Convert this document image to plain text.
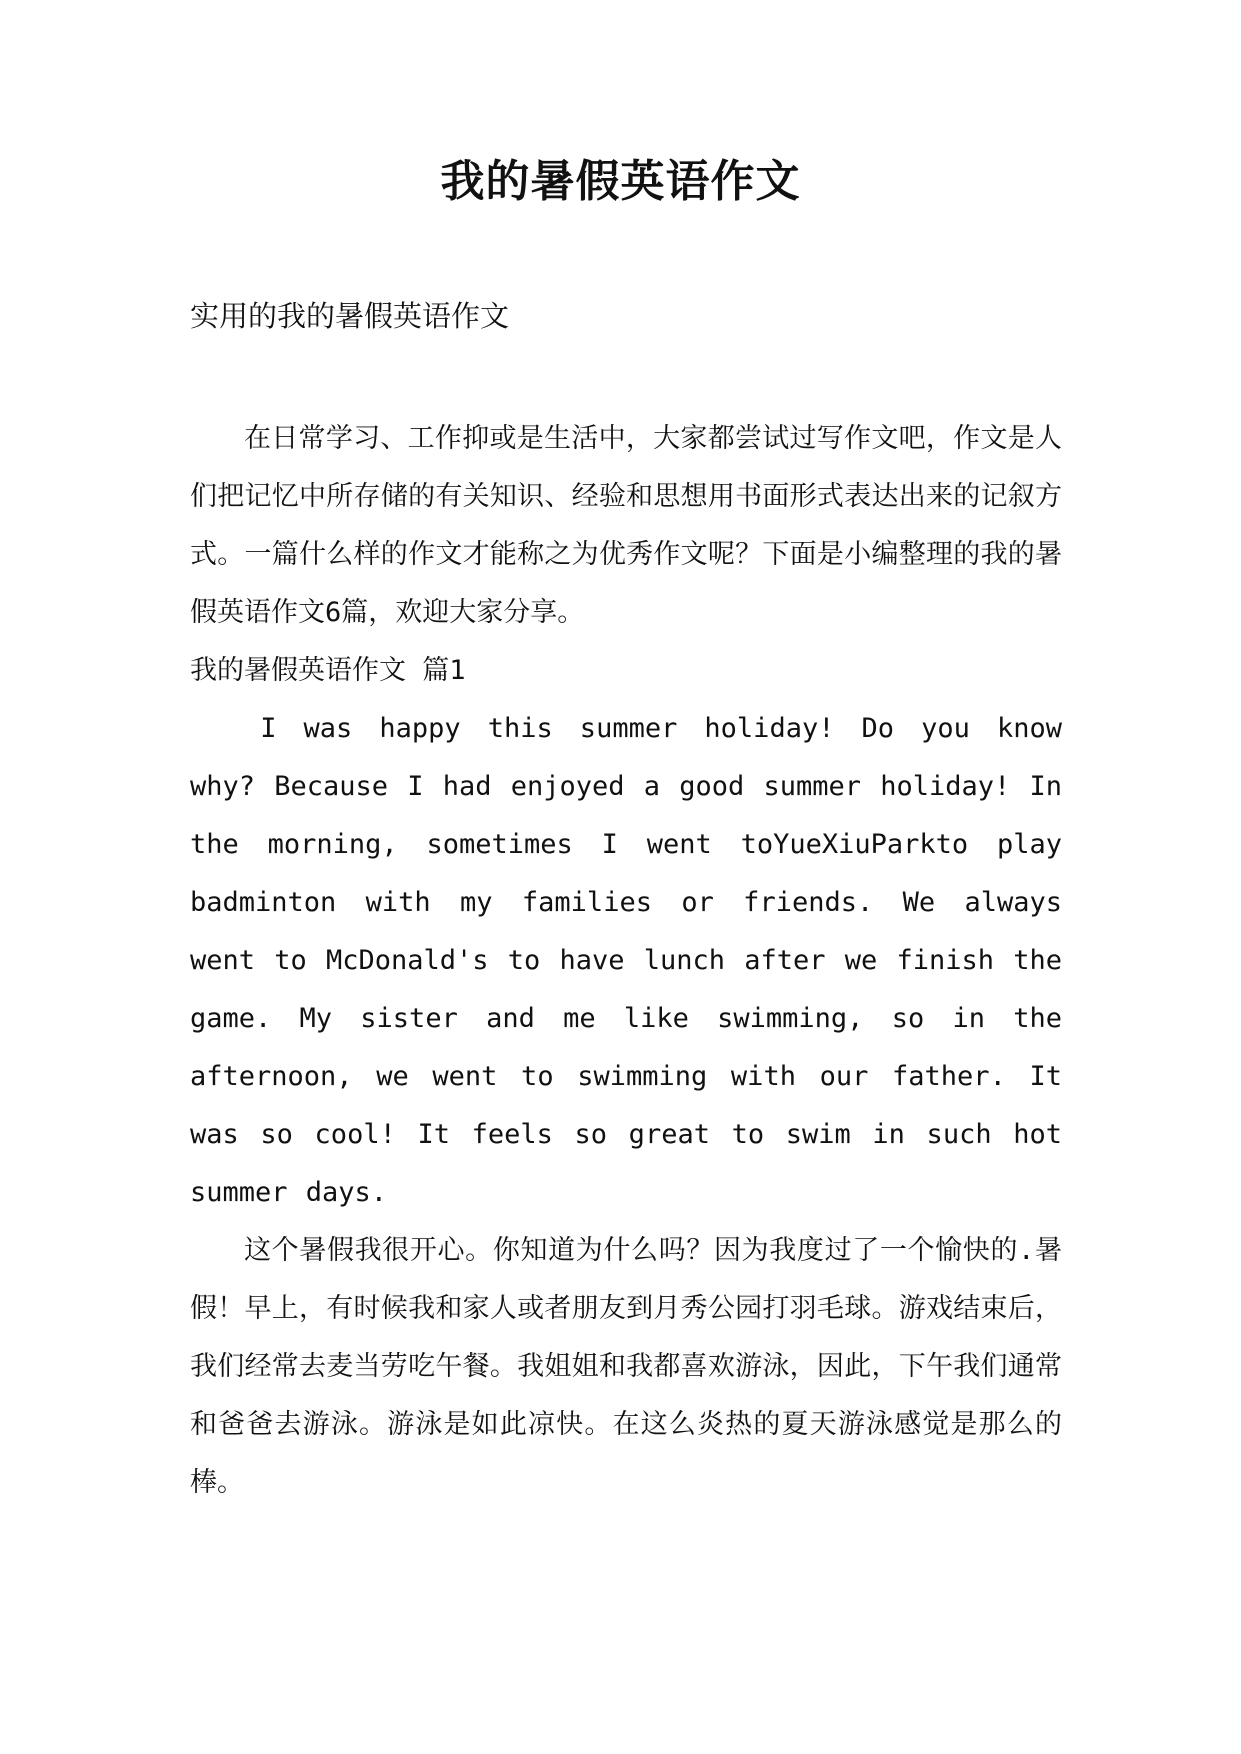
我的暑假英语作文

实用的我的暑假英语作文

在日常学习、工作抑或是生活中，大家都尝试过写作文吧，作文是人们把记忆中所存储的有关知识、经验和思想用书面形式表达出来的记叙方式。一篇什么样的作文才能称之为优秀作文呢？下面是小编整理的我的暑假英语作文6篇，欢迎大家分享。

我的暑假英语作文 篇1

I was happy this summer holiday! Do you know why? Because I had enjoyed a good summer holiday! In the morning, sometimes I went toYueXiuParkto play badminton with my families or friends. We always went to McDonald's to have lunch after we finish the game. My sister and me like swimming, so in the afternoon, we went to swimming with our father. It was so cool! It feels so great to swim in such hot summer days.

这个暑假我很开心。你知道为什么吗？因为我度过了一个愉快的.暑假！早上，有时候我和家人或者朋友到月秀公园打羽毛球。游戏结束后，我们经常去麦当劳吃午餐。我姐姐和我都喜欢游泳，因此，下午我们通常和爸爸去游泳。游泳是如此凉快。在这么炎热的夏天游泳感觉是那么的棒。
